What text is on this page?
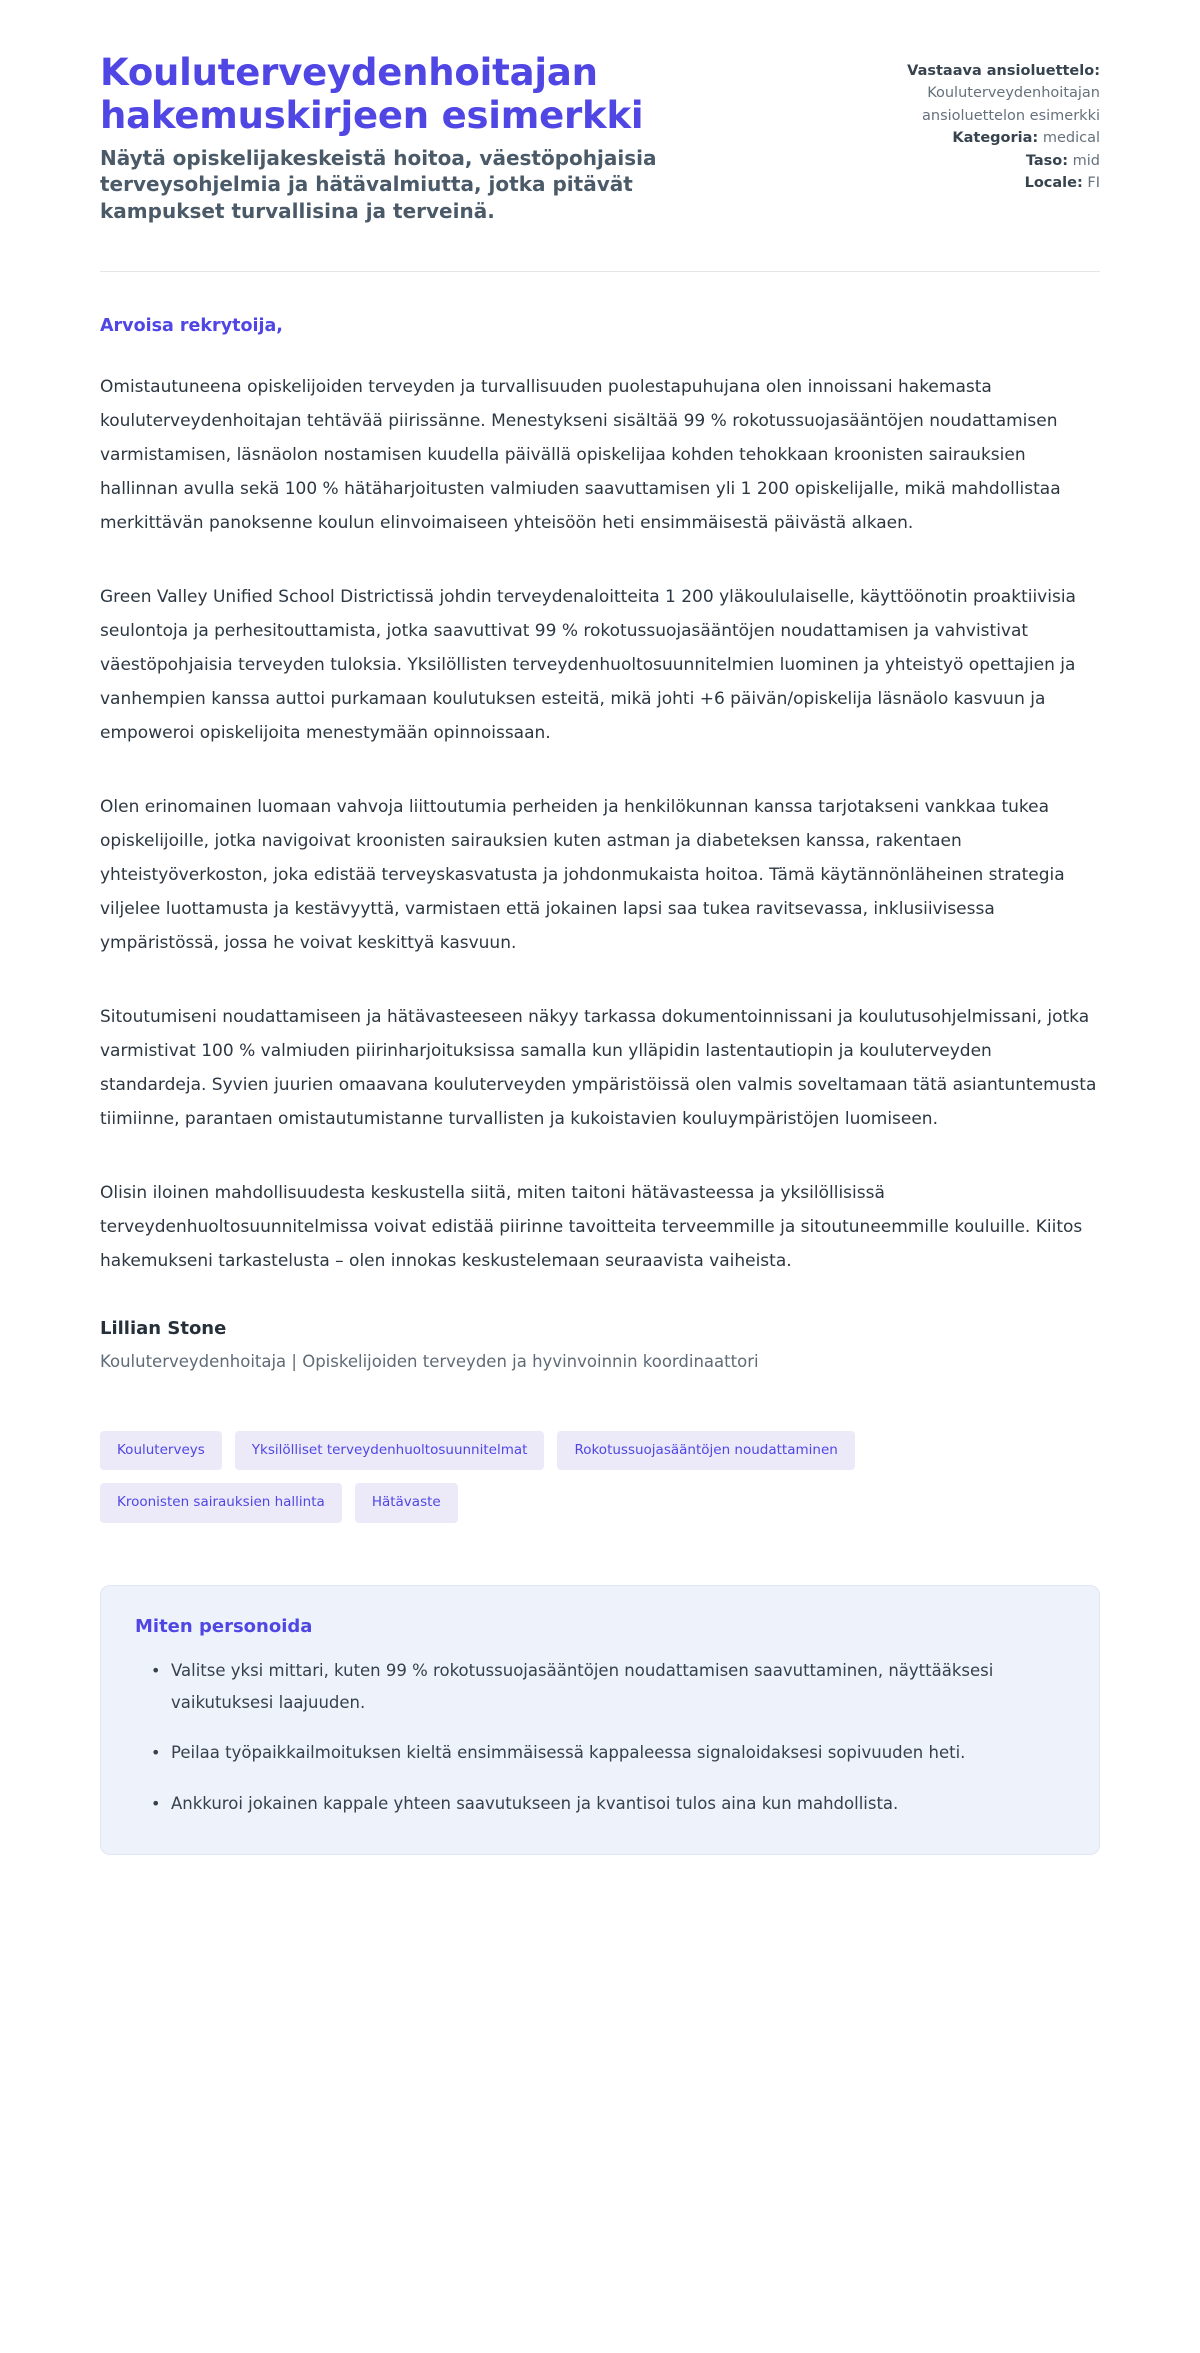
Kouluterveydenhoitajan hakemuskirjeen esimerkki

Näytä opiskelijakeskeistä hoitoa, väestöpohjaisia terveysohjelmia ja hätävalmiutta, jotka pitävät kampukset turvallisina ja terveinä.

Vastaava ansioluettelo:
Kouluterveydenhoitajan ansioluettelon esimerkki
Kategoria: medical
Taso: mid
Locale: FI

Arvoisa rekrytoija,

Omistautuneena opiskelijoiden terveyden ja turvallisuuden puolestapuhujana olen innoissani hakemasta kouluterveydenhoitajan tehtävää piirissänne. Menestykseni sisältää 99 % rokotussuojasääntöjen noudattamisen varmistamisen, läsnäolon nostamisen kuudella päivällä opiskelijaa kohden tehokkaan kroonisten sairauksien hallinnan avulla sekä 100 % hätäharjoitusten valmiuden saavuttamisen yli 1 200 opiskelijalle, mikä mahdollistaa merkittävän panoksenne koulun elinvoimaiseen yhteisöön heti ensimmäisestä päivästä alkaen.

Green Valley Unified School Districtissä johdin terveydenaloitteita 1 200 yläkoululaiselle, käyttöönotin proaktiivisia seulontoja ja perhesitouttamista, jotka saavuttivat 99 % rokotussuojasääntöjen noudattamisen ja vahvistivat väestöpohjaisia terveyden tuloksia. Yksilöllisten terveydenhuoltosuunnitelmien luominen ja yhteistyö opettajien ja vanhempien kanssa auttoi purkamaan koulutuksen esteitä, mikä johti +6 päivän/opiskelija läsnäolo kasvuun ja empoweroi opiskelijoita menestymään opinnoissaan.

Olen erinomainen luomaan vahvoja liittoutumia perheiden ja henkilökunnan kanssa tarjotakseni vankkaa tukea opiskelijoille, jotka navigoivat kroonisten sairauksien kuten astman ja diabeteksen kanssa, rakentaen yhteistyöverkoston, joka edistää terveyskasvatusta ja johdonmukaista hoitoa. Tämä käytännönläheinen strategia viljelee luottamusta ja kestävyyttä, varmistaen että jokainen lapsi saa tukea ravitsevassa, inklusiivisessa ympäristössä, jossa he voivat keskittyä kasvuun.

Sitoutumiseni noudattamiseen ja hätävasteeseen näkyy tarkassa dokumentoinnissani ja koulutusohjelmissani, jotka varmistivat 100 % valmiuden piirinharjoituksissa samalla kun ylläpidin lastentautiopin ja kouluterveyden standardeja. Syvien juurien omaavana kouluterveyden ympäristöissä olen valmis soveltamaan tätä asiantuntemusta tiimiinne, parantaen omistautumistanne turvallisten ja kukoistavien kouluympäristöjen luomiseen.

Olisin iloinen mahdollisuudesta keskustella siitä, miten taitoni hätävasteessa ja yksilöllisissä terveydenhuoltosuunnitelmissa voivat edistää piirinne tavoitteita terveemmille ja sitoutuneemmille kouluille. Kiitos hakemukseni tarkastelusta – olen innokas keskustelemaan seuraavista vaiheista.

Lillian Stone

Kouluterveydenhoitaja | Opiskelijoiden terveyden ja hyvinvoinnin koordinaattori

Kouluterveys	Yksilölliset terveydenhuoltosuunnitelmat	Rokotussuojasääntöjen noudattaminen
Kroonisten sairauksien hallinta	Hätävaste
Miten personoida
• Valitse yksi mittari, kuten 99 % rokotussuojasääntöjen noudattamisen saavuttaminen, näyttääksesi vaikutuksesi laajuuden.
• Peilaa työpaikkailmoituksen kieltä ensimmäisessä kappaleessa signaloidaksesi sopivuuden heti.
• Ankkuroi jokainen kappale yhteen saavutukseen ja kvantisoi tulos aina kun mahdollista.
